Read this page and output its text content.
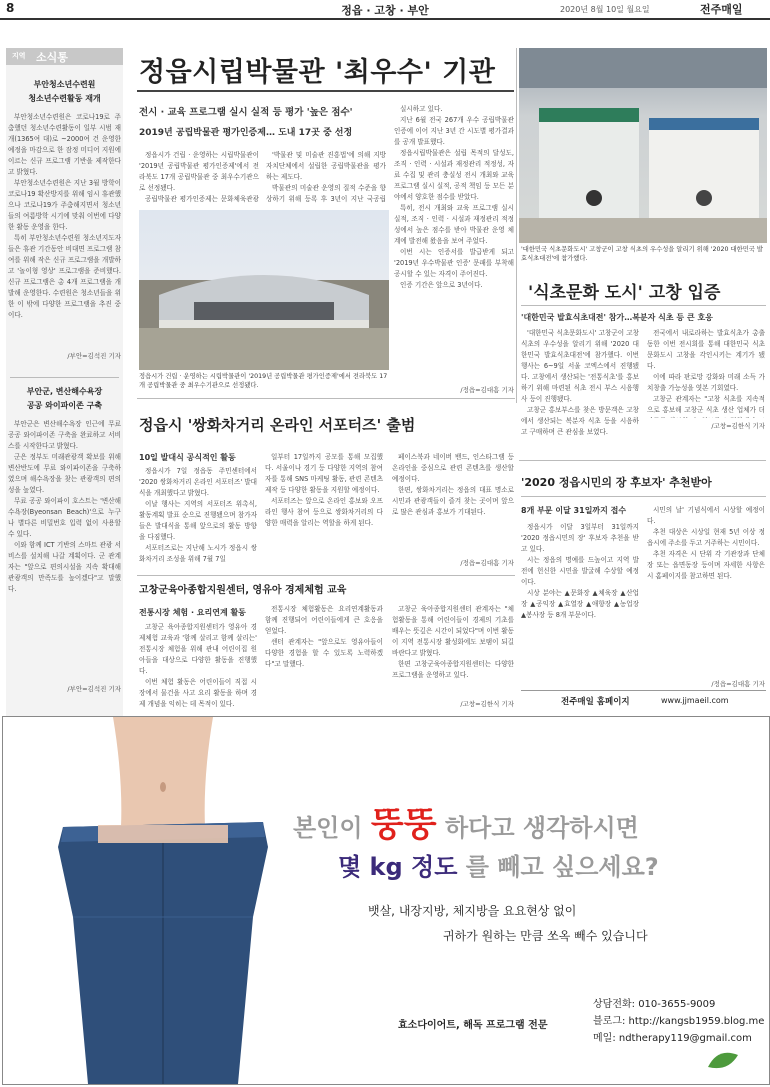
8	정읍 · 고창 · 부안	2020년 8월 10일 월요일	전주매일
지역 소식통
부안청소년수련원
청소년수련활동 재개

부안청소년수련원은 코로나19로 주춤했던 청소년수련활동이 일부 시범 재개(1365여 대)로 ~2000여 건 운영한 예정을 마감으로 한 잠정 미디어 지원에 이르는 신규 프로그램 기반을 제작한다고 밝혔다.

부안청소년수련원은 지난 3월 방학이 코로나19 확산방지를 위해 임시 휴관했으나 코로나19가 주춤해지면서 청소년들의 여름방학 시기에 맞춰 이번에 다양한 활동 운영을 한다.

특히 부안청소년수련원 청소년지도자들은 휴관 기간동안 비대면 프로그램 참여를 위해 작은 신규 프로그램을 개발하고 '놀이형 영상' 프로그램을 준비했다. 신규 프로그램은 총 4개 프로그램을 개발해 운영한다. 수련원은 청소년들을 위한 이 밖에 다양한 프로그램을 추진 중이다.

/부안=김석진 기자
부안군, 변산해수욕장
공공 와이파이존 구축

부안군은 변산해수욕장 인근에 무료 공공 와이파이존 구축을 완료하고 서비스를 시작한다고 밝혔다.

군은 정부도 미래관광객 확보를 위해 변산반도에 무료 와이파이존을 구축하였으며 해수욕장을 찾는 관광객의 편의성을 높였다.

무료 공공 와이파이 호스트는 '변산해수욕장(Byeonsan Beach)'으로 누구나 별다른 비밀번호 입력 없이 사용할 수 있다.

이와 함께 ICT 기반의 스마트 관광 서비스를 설치해 나갈 계획이다. 군 관계자는 "앞으로 편의시설을 지속 확대해 관광객의 만족도를 높이겠다"고 말했다.

/부안=김석진 기자
정읍시립박물관 '최우수' 기관
전시 · 교육 프로그램 실시 실적 등 평가 '높은 점수'
2019년 공립박물관 평가인증제… 도내 17곳 중 선정

정읍시가 건립 · 운영하는 시립박물관이 '2019년 공립박물관 평가인증제'에서 전라북도 17개 공립박물관 중 최우수기관으로 선정됐다.

공립박물관 평가인증제는 문화체육관광

'박물관 및 미술관 진흥법'에 의해 지방자치단체에서 설립한 공립박물관을 평가하는 제도다.

박물관의 미술관 운영의 질적 수준을 향상하기 위해 등록 후 3년이 지난 국공립

정읍시가 건립 · 운영하는 시립박물관이 '2019년 공립박물관 평가인증제'에서 전라북도 17개 공립박물관 중 최우수기관으로 선정됐다.

실시하고 있다.

지난 6월 전국 267개 우수 공립박물관 인증에 이어 지난 3년 간 시도별 평가결과를 공개 발표했다.

정읍시립박물관은 설립 목적의 달성도, 조직 · 인력 · 시설과 재정관리 적정성, 자료 수집 및 관리 충실성 전시 개최와 교육 프로그램 실시 실적, 공적 책임 등 모든 분야에서 양호한 점수를 받았다.

특히, 전시 개최와 교육 프로그램 실시 실적, 조직 · 인력 · 시설과 재정관리 적정성에서 높은 점수를 받아 박물관 운영 체계에 발전해 왔음을 보여 주었다.

이번 시는 인증서를 발급받게 되고 '2019년 우수박물관 인증' 문패를 부착해 공시할 수 있는 자격이 주어진다.

인증 기간은 앞으로 3년이다.

/정읍=김대흠 기자
'대한민국 식초문화도시' 고창군이 고창 식초의 우수성을 알리기 위해 '2020 대한민국 발효식초대전'에 참가했다.
'식초문화 도시' 고창 입증
'대한민국 발효식초대전' 참가…복분자 식초 등 큰 호응

'대한민국 식초문화도시' 고창군이 고창 식초의 우수성을 알리기 위해 '2020 대한민국 발효식초대전'에 참가했다. 이번 행사는 6~9일 서울 코엑스에서 진행됐다. 고창에서 생산되는 '전통식초'를 홍보하기 위해 마련된 식초 전시 부스 시음행사 등이 진행됐다.

고창군 홍보부스를 찾은 방문객은 고창에서 생산되는 복분자 식초 등을 시음하고 구매하며 큰 관심을 보였다.

전국에서 내로라하는 발효식초가 총출동한 이번 전시회를 통해 대한민국 식초 문화도시 고창을 각인시키는 계기가 됐다.

이에 따라 판로망 강화와 미래 소득 가치창출 가능성을 엿본 기회였다.

고창군 관계자는 "고창 식초를 지속적으로 홍보해 고창군 식초 생산 업체가 더

/고창=김한식 기자
정읍시 '쌍화차거리 온라인 서포터즈' 출범
10일 발대식 공식적인 활동

정읍시가 7일 정읍동 주민센터에서 '2020 쌍화차거리 온라인 서포터즈' 발대식을 개최했다고 밝혔다.

이날 행사는 지역의 서포터즈 위촉식, 활동계획 발표 순으로 진행됐으며 참가자들은 발대식을 통해 앞으로의 활동 방향을 다짐했다.

서포터즈로는 지난해 노시가 정읍시 쌍화차거리 조성을 위해 7월 7일

일부터 17일까지 공모를 통해 모집했다. 서울이나 경기 등 다양한 지역의 참여 자를 통해 SNS 마케팅 활동, 관련 콘텐츠 제작 등 다양한 활동을 지원할 예정이다.

서포터즈는 앞으로 온라인 홍보와 오프라인 행사 참여 등으로 쌍화차거리의 다양한 매력을 알리는 역할을 하게 된다.

페이스북과 네이버 밴드, 인스타그램 등 온라인을 중심으로 관련 콘텐츠를 생산할 예정이다.

한편, 쌍화차거리는 정읍의 대표 명소로 시민과 관광객들이 즐겨 찾는 곳이며 앞으로 많은 관심과 홍보가 기대된다.

/정읍=김대흠 기자
'2020 정읍시민의 장 후보자' 추천받아
8개 부문 이달 31일까지 접수

정읍시가 이달 3일부터 31일까지 '2020 정읍시민의 장' 후보자 추천을 받고 있다.

시는 정읍의 명예를 드높이고 지역 발전에 헌신한 시민을 발굴해 수상할 예정이다.

시상 분야는 ▲문화장 ▲체육장 ▲산업장 ▲공익장 ▲효열장 ▲애향장 ▲농업장 ▲봉사장 등 8개 부문이다.

시민의 날' 기념식에서 시상할 예정이다.

추천 대상은 시상일 현재 5년 이상 정읍시에 주소를 두고 거주하는 시민이다.

추천 자격은 시 단위 각 기관장과 단체장 또는 읍면동장 등이며 자세한 사항은 시 홈페이지를 참고하면 된다.

/정읍=김대흠 기자
고창군육아종합지원센터, 영유아 경제체험 교육
전통시장 체험 · 요리연계 활동

고창군 육아종합지원센터가 영유아 경제체험 교육과 '함께 살리고 함께 살리는' 전통시장 체험을 위해 관내 어린이집 원아들을 대상으로 다양한 활동을 진행했다.

이번 체험 활동은 어린이들이 직접 시장에서 물건을 사고 요리 활동을 하며 경제 개념을 익히는 데 목적이 있다.

전통시장 체험활동은 요리연계활동과 함께 진행되어 어린이들에게 큰 호응을 얻었다.

센터 관계자는 "앞으로도 영유아들이 다양한 경험을 할 수 있도록 노력하겠다"고 말했다.

고창군 육아종합지원센터 관계자는 "체험활동을 통해 어린이들이 경제의 기초를 배우는 뜻깊은 시간이 되었다"며 이번 활동이 지역 전통시장 활성화에도 보탬이 되길 바란다고 밝혔다.

한편 고창군육아종합지원센터는 다양한 프로그램을 운영하고 있다.

/고창=김한식 기자	전주매일 홈페이지	www.jjmaeil.com
본인이 뚱뚱 하다고 생각하시면
몇 kg 정도 를 빼고 싶으세요?
뱃살, 내장지방, 체지방을 요요현상 없이
귀하가 원하는 만큼 쏘옥 빼수 있습니다
효소다이어트, 해독 프로그램 전문
상담전화: 010-3655-9009
블로그: http://kangsb1959.blog.me
메일: ndtherapy119@gmail.com
